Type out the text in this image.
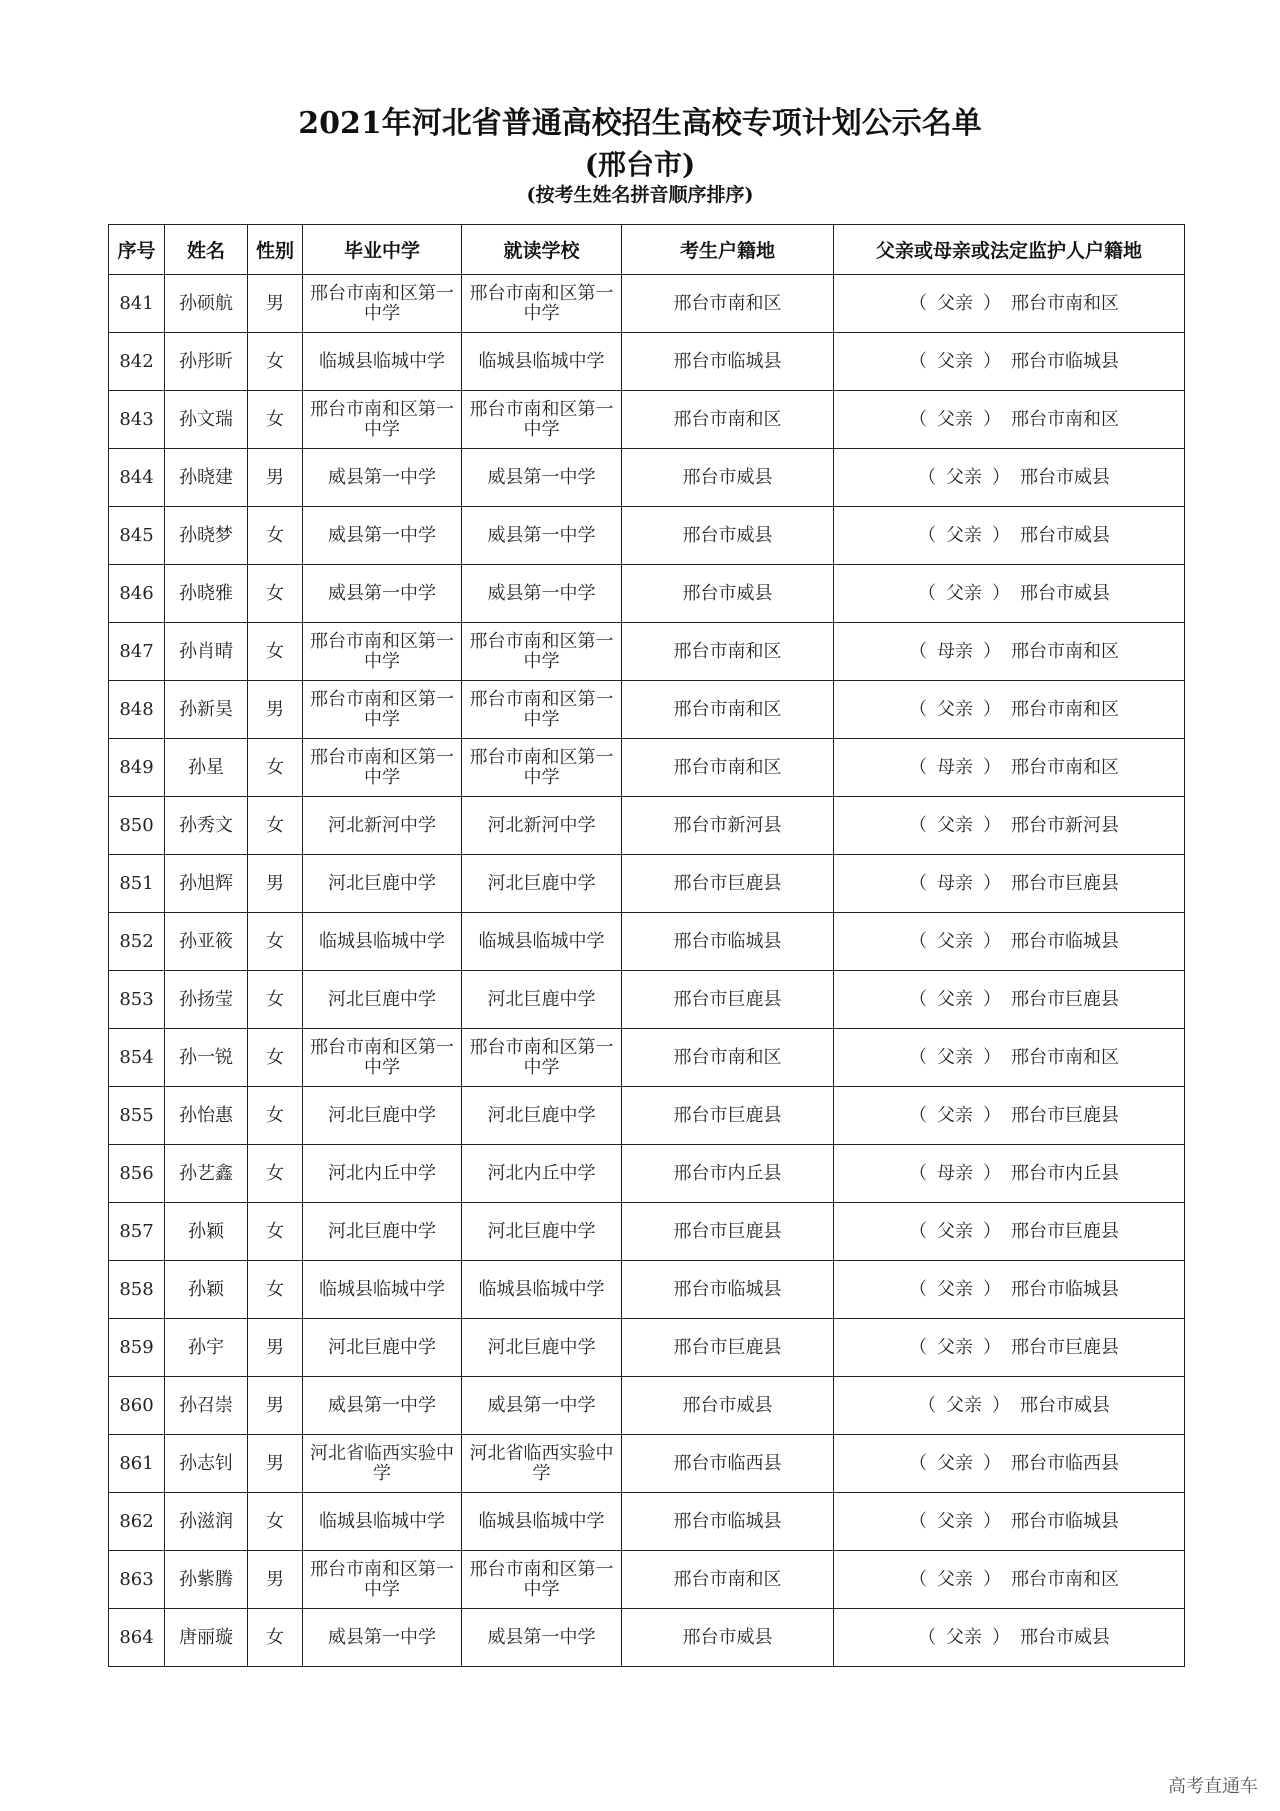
2021年河北省普通高校招生高校专项计划公示名单
(邢台市)
(按考生姓名拼音顺序排序)
序号	姓名	性别	毕业中学	就读学校	考生户籍地	父亲或母亲或法定监护人户籍地
841	孙硕航	男	邢台市南和区第一中学	邢台市南和区第一中学	邢台市南和区	（ 父亲 ） 邢台市南和区
842	孙彤昕	女	临城县临城中学	临城县临城中学	邢台市临城县	（ 父亲 ） 邢台市临城县
843	孙文瑞	女	邢台市南和区第一中学	邢台市南和区第一中学	邢台市南和区	（ 父亲 ） 邢台市南和区
844	孙晓建	男	威县第一中学	威县第一中学	邢台市威县	（ 父亲 ） 邢台市威县
845	孙晓梦	女	威县第一中学	威县第一中学	邢台市威县	（ 父亲 ） 邢台市威县
846	孙晓雅	女	威县第一中学	威县第一中学	邢台市威县	（ 父亲 ） 邢台市威县
847	孙肖晴	女	邢台市南和区第一中学	邢台市南和区第一中学	邢台市南和区	（ 母亲 ） 邢台市南和区
848	孙新昊	男	邢台市南和区第一中学	邢台市南和区第一中学	邢台市南和区	（ 父亲 ） 邢台市南和区
849	孙星	女	邢台市南和区第一中学	邢台市南和区第一中学	邢台市南和区	（ 母亲 ） 邢台市南和区
850	孙秀文	女	河北新河中学	河北新河中学	邢台市新河县	（ 父亲 ） 邢台市新河县
851	孙旭辉	男	河北巨鹿中学	河北巨鹿中学	邢台市巨鹿县	（ 母亲 ） 邢台市巨鹿县
852	孙亚筱	女	临城县临城中学	临城县临城中学	邢台市临城县	（ 父亲 ） 邢台市临城县
853	孙扬莹	女	河北巨鹿中学	河北巨鹿中学	邢台市巨鹿县	（ 父亲 ） 邢台市巨鹿县
854	孙一锐	女	邢台市南和区第一中学	邢台市南和区第一中学	邢台市南和区	（ 父亲 ） 邢台市南和区
855	孙怡惠	女	河北巨鹿中学	河北巨鹿中学	邢台市巨鹿县	（ 父亲 ） 邢台市巨鹿县
856	孙艺鑫	女	河北内丘中学	河北内丘中学	邢台市内丘县	（ 母亲 ） 邢台市内丘县
857	孙颖	女	河北巨鹿中学	河北巨鹿中学	邢台市巨鹿县	（ 父亲 ） 邢台市巨鹿县
858	孙颖	女	临城县临城中学	临城县临城中学	邢台市临城县	（ 父亲 ） 邢台市临城县
859	孙宇	男	河北巨鹿中学	河北巨鹿中学	邢台市巨鹿县	（ 父亲 ） 邢台市巨鹿县
860	孙召崇	男	威县第一中学	威县第一中学	邢台市威县	（ 父亲 ） 邢台市威县
861	孙志钊	男	河北省临西实验中学	河北省临西实验中学	邢台市临西县	（ 父亲 ） 邢台市临西县
862	孙滋润	女	临城县临城中学	临城县临城中学	邢台市临城县	（ 父亲 ） 邢台市临城县
863	孙紫腾	男	邢台市南和区第一中学	邢台市南和区第一中学	邢台市南和区	（ 父亲 ） 邢台市南和区
864	唐丽璇	女	威县第一中学	威县第一中学	邢台市威县	（ 父亲 ） 邢台市威县
高考直通车
